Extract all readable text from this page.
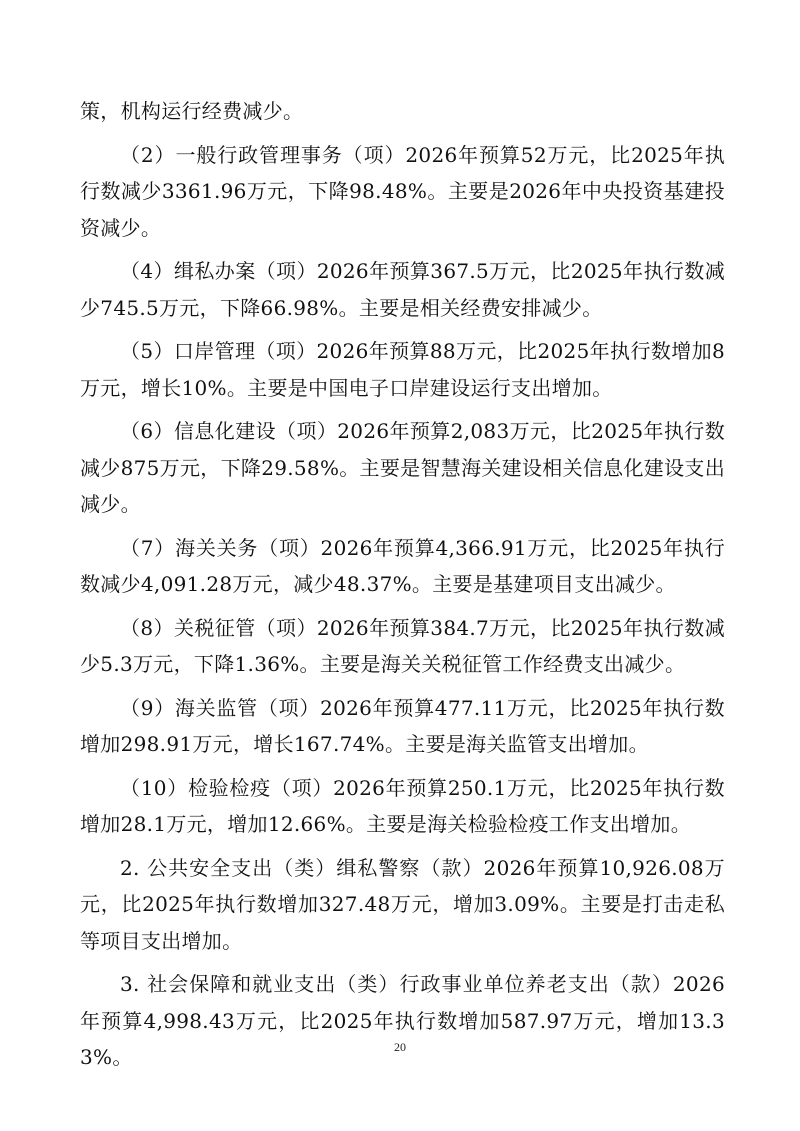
策，机构运行经费减少。

（2）一般行政管理事务（项）2026年预算52万元，比2025年执行数减少3361.96万元，下降98.48%。主要是2026年中央投资基建投资减少。

（4）缉私办案（项）2026年预算367.5万元，比2025年执行数减少745.5万元，下降66.98%。主要是相关经费安排减少。

（5）口岸管理（项）2026年预算88万元，比2025年执行数增加8万元，增长10%。主要是中国电子口岸建设运行支出增加。

（6）信息化建设（项）2026年预算2,083万元，比2025年执行数减少875万元，下降29.58%。主要是智慧海关建设相关信息化建设支出减少。

（7）海关关务（项）2026年预算4,366.91万元，比2025年执行数减少4,091.28万元，减少48.37%。主要是基建项目支出减少。

（8）关税征管（项）2026年预算384.7万元，比2025年执行数减少5.3万元，下降1.36%。主要是海关关税征管工作经费支出减少。

（9）海关监管（项）2026年预算477.11万元，比2025年执行数增加298.91万元，增长167.74%。主要是海关监管支出增加。

（10）检验检疫（项）2026年预算250.1万元，比2025年执行数增加28.1万元，增加12.66%。主要是海关检验检疫工作支出增加。

2. 公共安全支出（类）缉私警察（款）2026年预算10,926.08万元，比2025年执行数增加327.48万元，增加3.09%。主要是打击走私等项目支出增加。

3. 社会保障和就业支出（类）行政事业单位养老支出（款）2026年预算4,998.43万元，比2025年执行数增加587.97万元，增加13.33%。	20
